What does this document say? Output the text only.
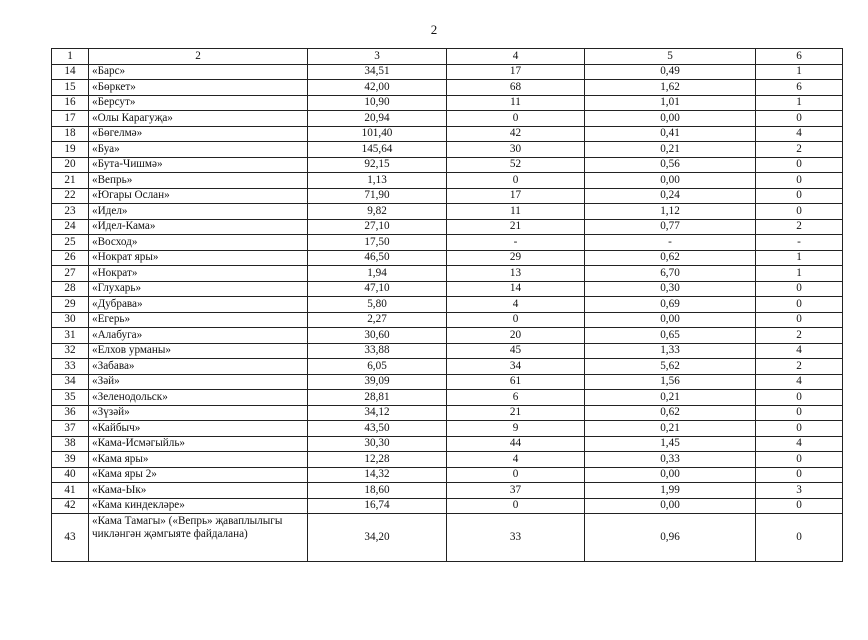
2
1	2	3	4	5	6
14	«Барс»	34,51	17	0,49	1
15	«Бөркет»	42,00	68	1,62	6
16	«Берсут»	10,90	11	1,01	1
17	«Олы Карагуҗа»	20,94	0	0,00	0
18	«Бөгелмә»	101,40	42	0,41	4
19	«Буа»	145,64	30	0,21	2
20	«Бута-Чишмә»	92,15	52	0,56	0
21	«Вепрь»	1,13	0	0,00	0
22	«Югары Ослан»	71,90	17	0,24	0
23	«Идел»	9,82	11	1,12	0
24	«Идел-Кама»	27,10	21	0,77	2
25	«Восход»	17,50	-	-	-
26	«Нократ яры»	46,50	29	0,62	1
27	«Нократ»	1,94	13	6,70	1
28	«Глухарь»	47,10	14	0,30	0
29	«Дубрава»	5,80	4	0,69	0
30	«Егерь»	2,27	0	0,00	0
31	«Алабуга»	30,60	20	0,65	2
32	«Елхов урманы»	33,88	45	1,33	4
33	«Забава»	6,05	34	5,62	2
34	«Зәй»	39,09	61	1,56	4
35	«Зеленодольск»	28,81	6	0,21	0
36	«Зүзәй»	34,12	21	0,62	0
37	«Кайбыч»	43,50	9	0,21	0
38	«Кама-Исмәгыйль»	30,30	44	1,45	4
39	«Кама яры»	12,28	4	0,33	0
40	«Кама яры 2»	14,32	0	0,00	0
41	«Кама-Ык»	18,60	37	1,99	3
42	«Кама киндекләре»	16,74	0	0,00	0
43	«Кама Тамагы» («Вепрь» җаваплылыгы чикләнгән җәмгыяте файдалана)	34,20	33	0,96	0
